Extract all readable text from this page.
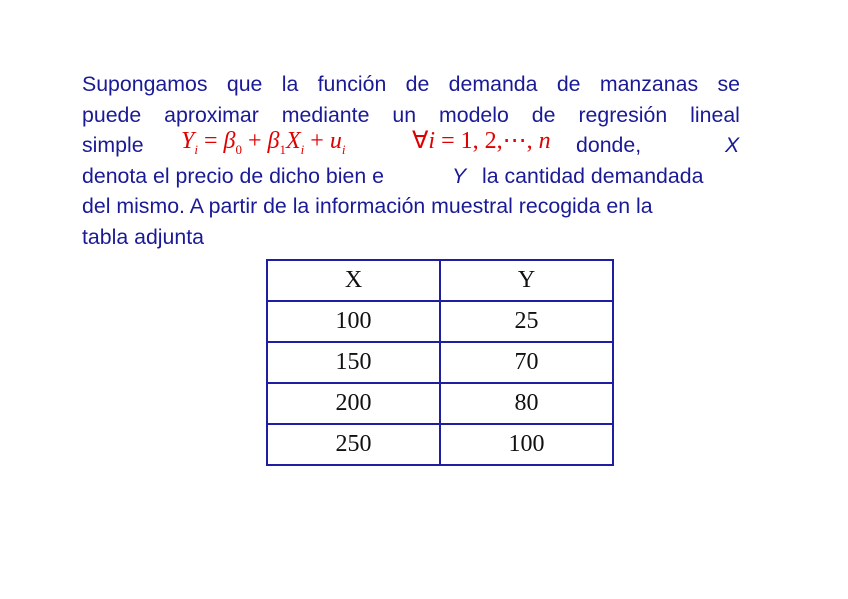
Supongamos que la función de demanda de manzanas se
puede aproximar mediante un modelo de regresión lineal
simple $Y_i = \beta_0 + \beta_1X_i + u_i$	∀i = 1, 2,⋯, n donde,	X
denota el precio de dicho bien e	Y la cantidad demandada
del mismo. A partir de la información muestral recogida en la
tabla adjunta
X	Y
100	25
150	70
200	80
250	100
